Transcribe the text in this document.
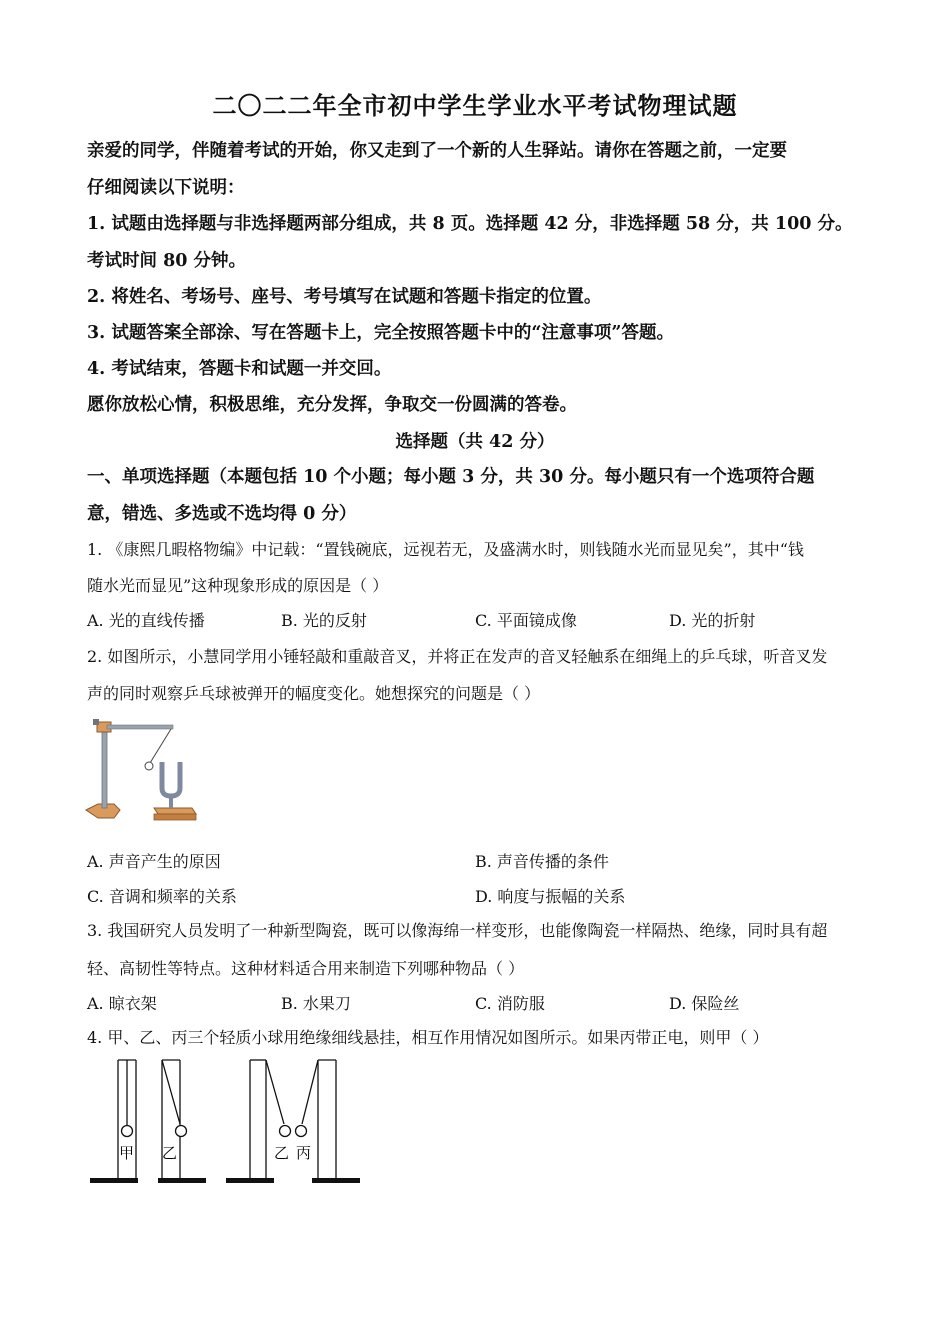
二〇二二年全市初中学生学业水平考试物理试题
亲爱的同学，伴随着考试的开始，你又走到了一个新的人生驿站。请你在答题之前，一定要
仔细阅读以下说明：
1. 试题由选择题与非选择题两部分组成，共 8 页。选择题 42 分，非选择题 58 分，共 100 分。
考试时间 80 分钟。
2. 将姓名、考场号、座号、考号填写在试题和答题卡指定的位置。
3. 试题答案全部涂、写在答题卡上，完全按照答题卡中的“注意事项”答题。
4. 考试结束，答题卡和试题一并交回。
愿你放松心情，积极思维，充分发挥，争取交一份圆满的答卷。
选择题（共 42 分）
一、单项选择题（本题包括 10 个小题；每小题 3 分，共 30 分。每小题只有一个选项符合题
意，错选、多选或不选均得 0 分）
1. 《康熙几暇格物编》中记载：“置钱碗底，远视若无，及盛满水时，则钱随水光而显见矣”，其中“钱
随水光而显见”这种现象形成的原因是（ ）
A. 光的直线传播	B. 光的反射	C. 平面镜成像	D. 光的折射
2. 如图所示，小慧同学用小锤轻敲和重敲音叉，并将正在发声的音叉轻触系在细绳上的乒乓球，听音叉发
声的同时观察乒乓球被弹开的幅度变化。她想探究的问题是（ ）
A. 声音产生的原因	B. 声音传播的条件
C. 音调和频率的关系	D. 响度与振幅的关系
3. 我国研究人员发明了一种新型陶瓷，既可以像海绵一样变形，也能像陶瓷一样隔热、绝缘，同时具有超
轻、高韧性等特点。这种材料适合用来制造下列哪种物品（ ）
A. 晾衣架	B. 水果刀	C. 消防服	D. 保险丝
4. 甲、乙、丙三个轻质小球用绝缘细线悬挂，相互作用情况如图所示。如果丙带正电，则甲（ ）
甲 乙	乙 丙
